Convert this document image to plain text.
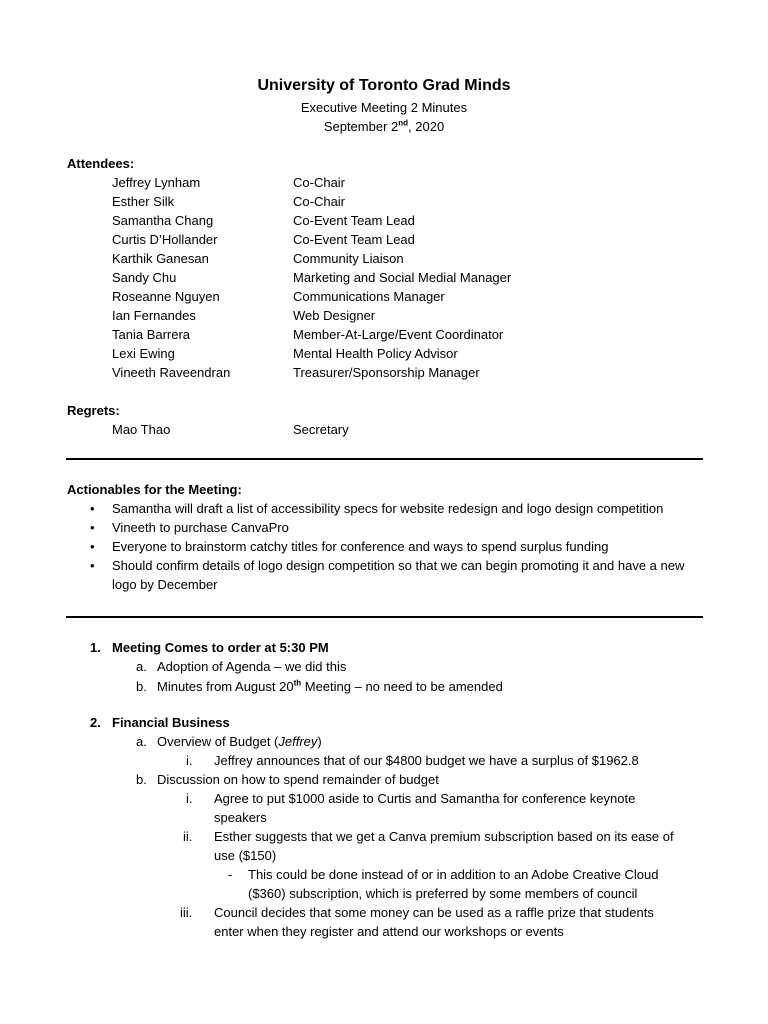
University of Toronto Grad Minds
Executive Meeting 2 Minutes
September 2nd, 2020
Attendees:
Jeffrey Lynham	Co-Chair
Esther Silk	Co-Chair
Samantha Chang	Co-Event Team Lead
Curtis D’Hollander	Co-Event Team Lead
Karthik Ganesan	Community Liaison
Sandy Chu	Marketing and Social Medial Manager
Roseanne Nguyen	Communications Manager
Ian Fernandes	Web Designer
Tania Barrera	Member-At-Large/Event Coordinator
Lexi Ewing	Mental Health Policy Advisor
Vineeth Raveendran	Treasurer/Sponsorship Manager
Regrets:
Mao Thao	Secretary
Actionables for the Meeting:
• Samantha will draft a list of accessibility specs for website redesign and logo design competition
• Vineeth to purchase CanvaPro
• Everyone to brainstorm catchy titles for conference and ways to spend surplus funding
• Should confirm details of logo design competition so that we can begin promoting it and have a new logo by December
1. Meeting Comes to order at 5:30 PM
a. Adoption of Agenda – we did this
b. Minutes from August 20th Meeting – no need to be amended
2. Financial Business
a. Overview of Budget (Jeffrey)
i. Jeffrey announces that of our $4800 budget we have a surplus of $1962.8
b. Discussion on how to spend remainder of budget
i. Agree to put $1000 aside to Curtis and Samantha for conference keynote
speakers
ii. Esther suggests that we get a Canva premium subscription based on its ease of
use ($150)
- This could be done instead of or in addition to an Adobe Creative Cloud
($360) subscription, which is preferred by some members of council
iii. Council decides that some money can be used as a raffle prize that students
enter when they register and attend our workshops or events
